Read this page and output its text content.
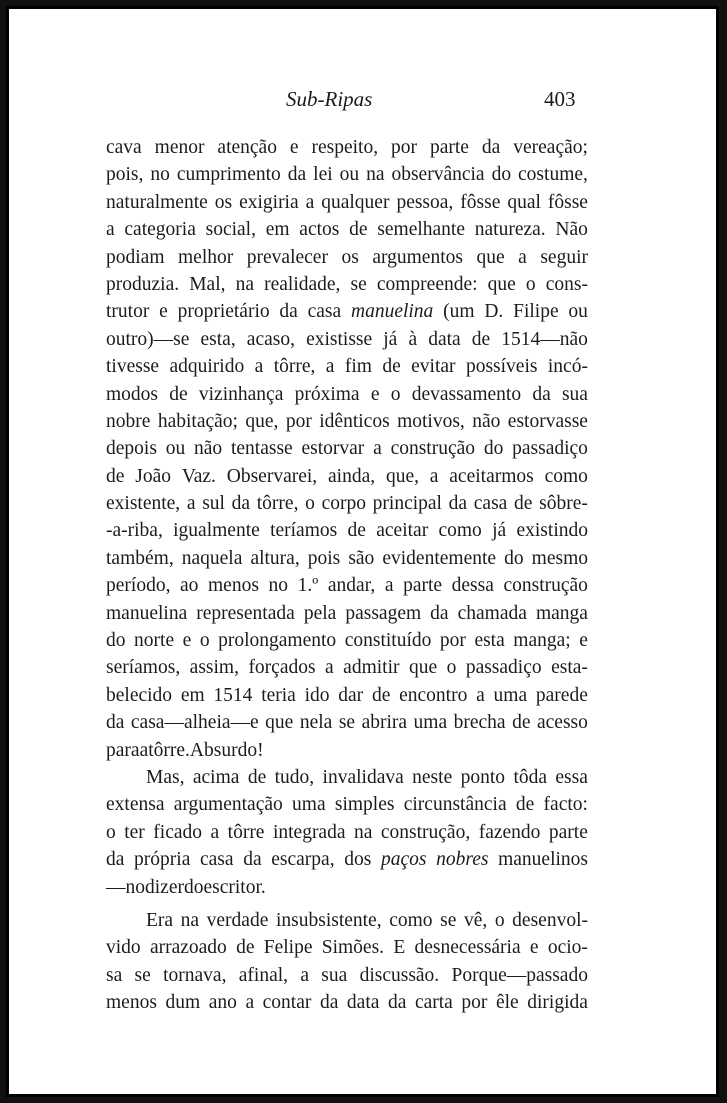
Sub-Ripas	403
cava menor atenção e respeito, por parte da vereação;
pois, no cumprimento da lei ou na observância do costume,
naturalmente os exigiria a qualquer pessoa, fôsse qual fôsse
a categoria social, em actos de semelhante natureza. Não
podiam melhor prevalecer os argumentos que a seguir
produzia. Mal, na realidade, se compreende: que o cons-
trutor e proprietário da casa manuelina (um D. Filipe ou
outro)—se esta, acaso, existisse já à data de 1514—não
tivesse adquirido a tôrre, a fim de evitar possíveis incó-
modos de vizinhança próxima e o devassamento da sua
nobre habitação; que, por idênticos motivos, não estorvasse
depois ou não tentasse estorvar a construção do passadiço
de João Vaz. Observarei, ainda, que, a aceitarmos como
existente, a sul da tôrre, o corpo principal da casa de sôbre-
-a-riba, igualmente teríamos de aceitar como já existindo
também, naquela altura, pois são evidentemente do mesmo
período, ao menos no 1.º andar, a parte dessa construção
manuelina representada pela passagem da chamada manga
do norte e o prolongamento constituído por esta manga; e
seríamos, assim, forçados a admitir que o passadiço esta-
belecido em 1514 teria ido dar de encontro a uma parede
da casa—alheia—e que nela se abrira uma brecha de acesso
para a tôrre. Absurdo!
Mas, acima de tudo, invalidava neste ponto tôda essa
extensa argumentação uma simples circunstância de facto:
o ter ficado a tôrre integrada na construção, fazendo parte
da própria casa da escarpa, dos paços nobres manuelinos
—no dizer do escritor.
Era na verdade insubsistente, como se vê, o desenvol-
vido arrazoado de Felipe Simões. E desnecessária e ocio-
sa se tornava, afinal, a sua discussão. Porque—passado
menos dum ano a contar da data da carta por êle dirigida
